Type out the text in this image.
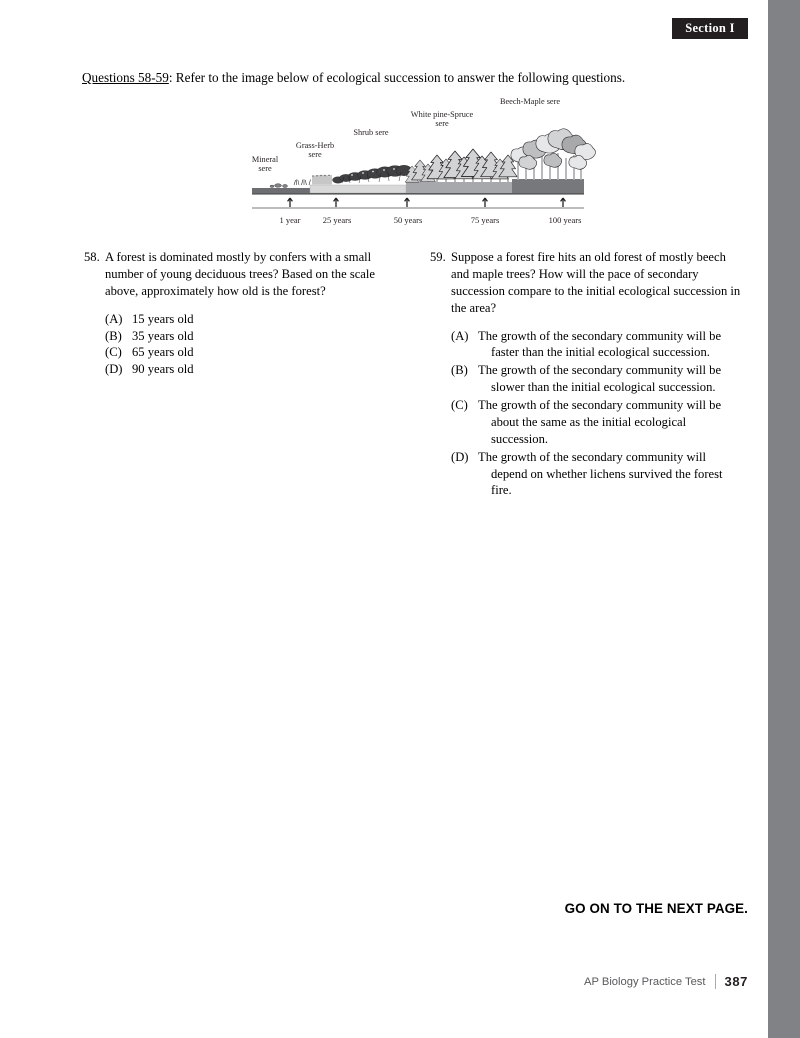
Section I
Questions 58-59: Refer to the image below of ecological succession to answer the following questions.
Mineral
sere
Grass-Herb
sere
Shrub sere
White pine-Spruce
sere
Beech-Maple sere
1 year	25 years	50 years	75 years	100 years
58. A forest is dominated mostly by confers with a small number of young deciduous trees? Based on the scale above, approximately how old is the forest?
(A) 15 years old
(B) 35 years old
(C) 65 years old
(D) 90 years old
59. Suppose a forest fire hits an old forest of mostly beech and maple trees? How will the pace of secondary succession compare to the initial ecological succession in the area?
(A) The growth of the secondary community will be faster than the initial ecological succession.
(B) The growth of the secondary community will be slower than the initial ecological succession.
(C) The growth of the secondary community will be about the same as the initial ecological succession.
(D) The growth of the secondary community will depend on whether lichens survived the forest fire.
GO ON TO THE NEXT PAGE.
AP Biology Practice Test 387
